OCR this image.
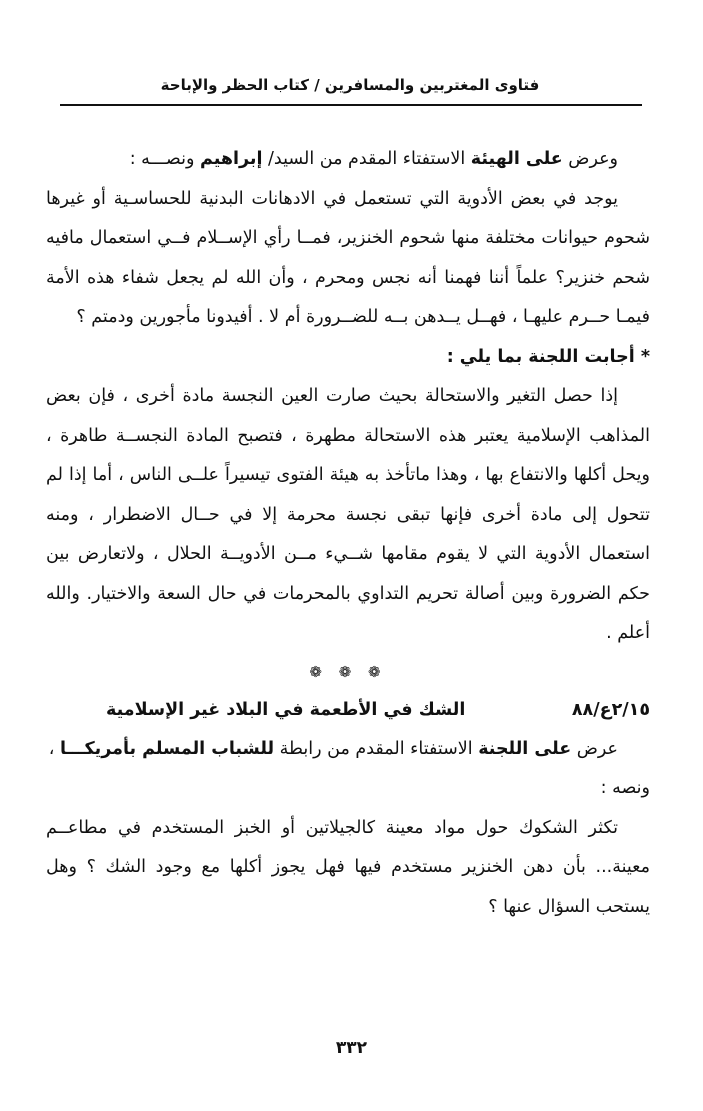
فتاوى المغتربين والمسافرين / كتاب الحظر والإباحة

وعرض على الهيئة الاستفتاء المقدم من السيد/ إبراهيم ونصـــه :

يوجد في بعض الأدوية التي تستعمل في الادهانات البدنية للحساسـية أو غيرها شحوم حيوانات مختلفة منها شحوم الخنزير، فمــا رأي الإســلام فــي استعمال مافيه شحم خنزير؟ علماً أننا فهمنا أنه نجس ومحرم ، وأن الله لم يجعل شفاء هذه الأمة فيمـا حــرم عليهـا ، فهــل يــدهن بــه للضــرورة أم لا . أفيدونا مأجورين ودمتم ؟

* أجابت اللجنة بما يلي :

إذا حصل التغير والاستحالة بحيث صارت العين النجسة مادة أخرى ، فإن بعض المذاهب الإسلامية يعتبر هذه الاستحالة مطهرة ، فتصبح المادة النجســة طاهرة ، ويحل أكلها والانتفاع بها ، وهذا ماتأخذ به هيئة الفتوى تيسيراً علــى الناس ، أما إذا لم تتحول إلى مادة أخرى فإنها تبقى نجسة محرمة إلا في حــال الاضطرار ، ومنه استعمال الأدوية التي لا يقوم مقامها شــيء مــن الأدويــة الحلال ، ولاتعارض بين حكم الضرورة وبين أصالة تحريم التداوي بالمحرمات في حال السعة والاختيار. والله أعلم .

❁ ❁ ❁
٢/١٥ع/٨٨
الشك في الأطعمة في البلاد غير الإسلامية

عرض على اللجنة الاستفتاء المقدم من رابطة للشباب المسلم بأمريكـــا ،

ونصه :

تكثر الشكوك حول مواد معينة كالجيلاتين أو الخبز المستخدم في مطاعــم معينة... بأن دهن الخنزير مستخدم فيها فهل يجوز أكلها مع وجود الشك ؟ وهل يستحب السؤال عنها ؟

٣٣٢
